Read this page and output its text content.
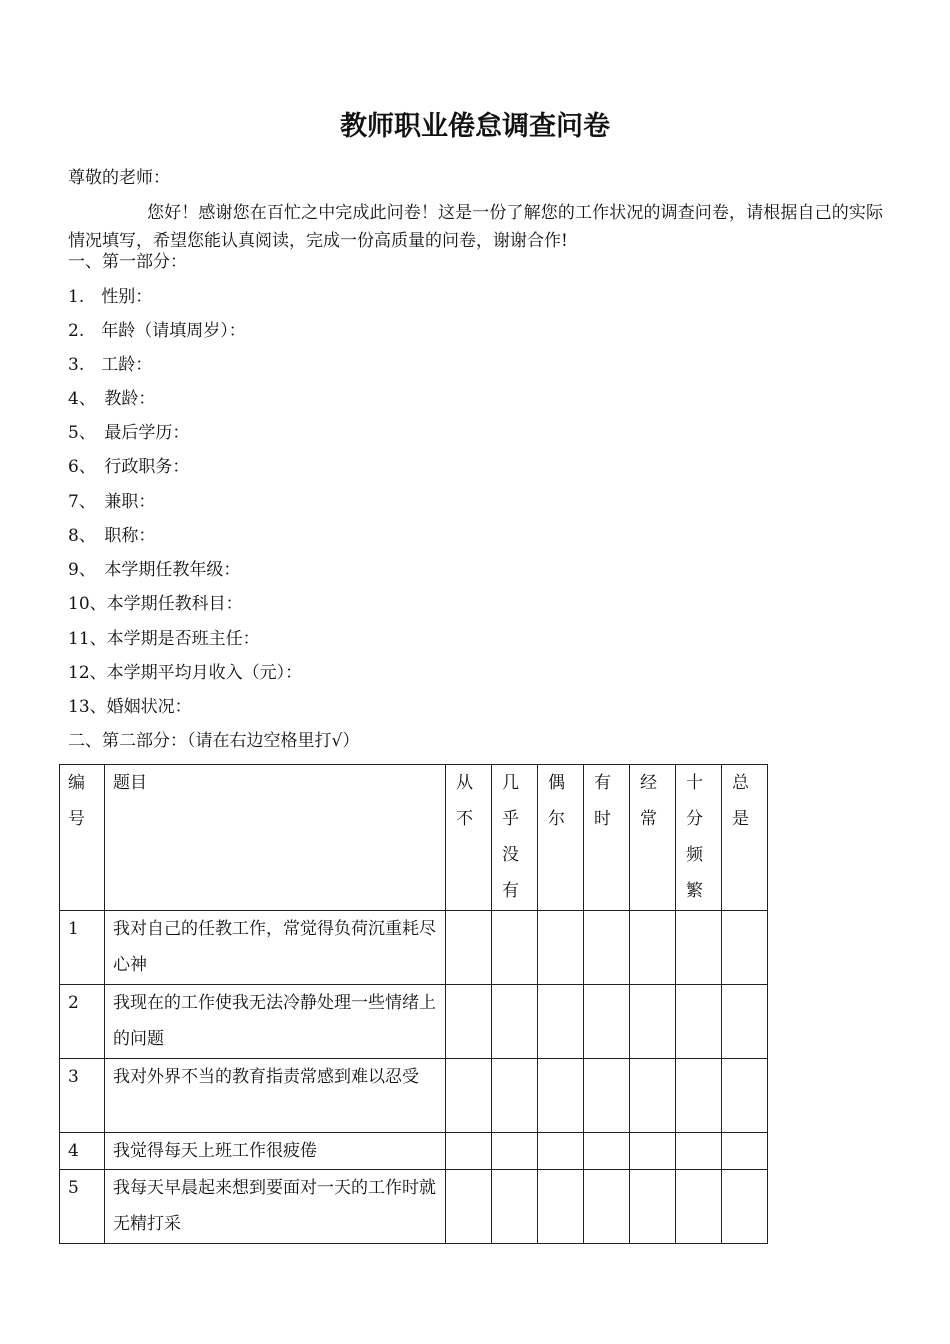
教师职业倦怠调查问卷
尊敬的老师：

您好！感谢您在百忙之中完成此问卷！这是一份了解您的工作状况的调查问卷，请根据自己的实际情况填写，希望您能认真阅读，完成一份高质量的问卷，谢谢合作!

一、第一部分：
1.　性别：
2.　年龄（请填周岁）：
3.　工龄：
4、　教龄：
5、　最后学历：
6、　行政职务：
7、　兼职：
8、　职称：
9、　本学期任教年级：
10、本学期任教科目：
11、本学期是否班主任：
12、本学期平均月收入（元）：
13、婚姻状况：
二、第二部分：（请在右边空格里打√）
编号	题目	从不	几乎没有	偶尔	有时	经常	十分频繁	总是

1	我对自己的任教工作，常觉得负荷沉重耗尽心神							
2	我现在的工作使我无法冷静处理一些情绪上的问题							
3	我对外界不当的教育指责常感到难以忍受							
4	我觉得每天上班工作很疲倦							
5	我每天早晨起来想到要面对一天的工作时就无精打采							
